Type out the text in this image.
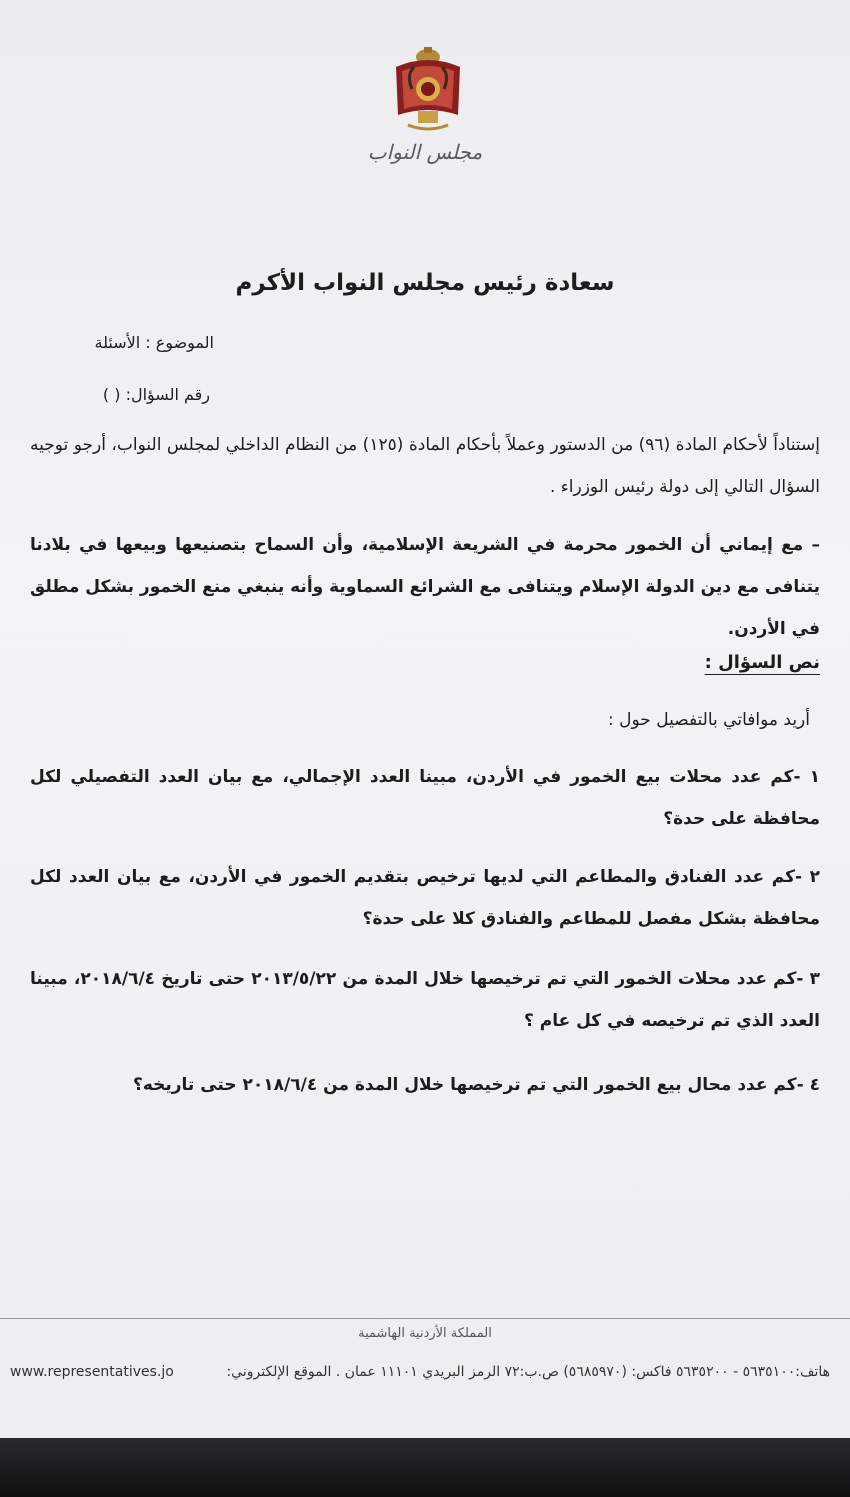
مجلس النواب
سعادة رئيس مجلس النواب الأكرم
الموضوع : الأسئلة
رقم السؤال: ( )
إستناداً لأحكام المادة (٩٦) من الدستور وعملاً بأحكام المادة (١٢٥) من النظام الداخلي لمجلس النواب، أرجو توجيه السؤال التالي إلى دولة رئيس الوزراء .
– مع إيماني أن الخمور محرمة في الشريعة الإسلامية، وأن السماح بتصنيعها وبيعها في بلادنا يتنافى مع دين الدولة الإسلام ويتنافى مع الشرائع السماوية وأنه ينبغي منع الخمور بشكل مطلق في الأردن.
نص السؤال :
أريد موافاتي بالتفصيل حول :
١ -كم عدد محلات بيع الخمور في الأردن، مبينا العدد الإجمالي، مع بيان العدد التفصيلي لكل محافظة على حدة؟
٢ -كم عدد الفنادق والمطاعم التي لديها ترخيص بتقديم الخمور في الأردن، مع بيان العدد لكل محافظة بشكل مفصل للمطاعم والفنادق كلا على حدة؟
٣ -كم عدد محلات الخمور التي تم ترخيصها خلال المدة من ٢٠١٣/٥/٢٢ حتى تاريخ ٢٠١٨/٦/٤، مبينا العدد الذي تم ترخيصه في كل عام ؟
٤ -كم عدد محال بيع الخمور التي تم ترخيصها خلال المدة من ٢٠١٨/٦/٤ حتى تاريخه؟
المملكة الأردنية الهاشمية
www.representatives.jo	هاتف:٥٦٣٥١٠٠ - ٥٦٣٥٢٠٠ فاكس: (٥٦٨٥٩٧٠) ص.ب:٧٢ الرمز البريدي ١١١٠١ عمان . الموقع الإلكتروني:
